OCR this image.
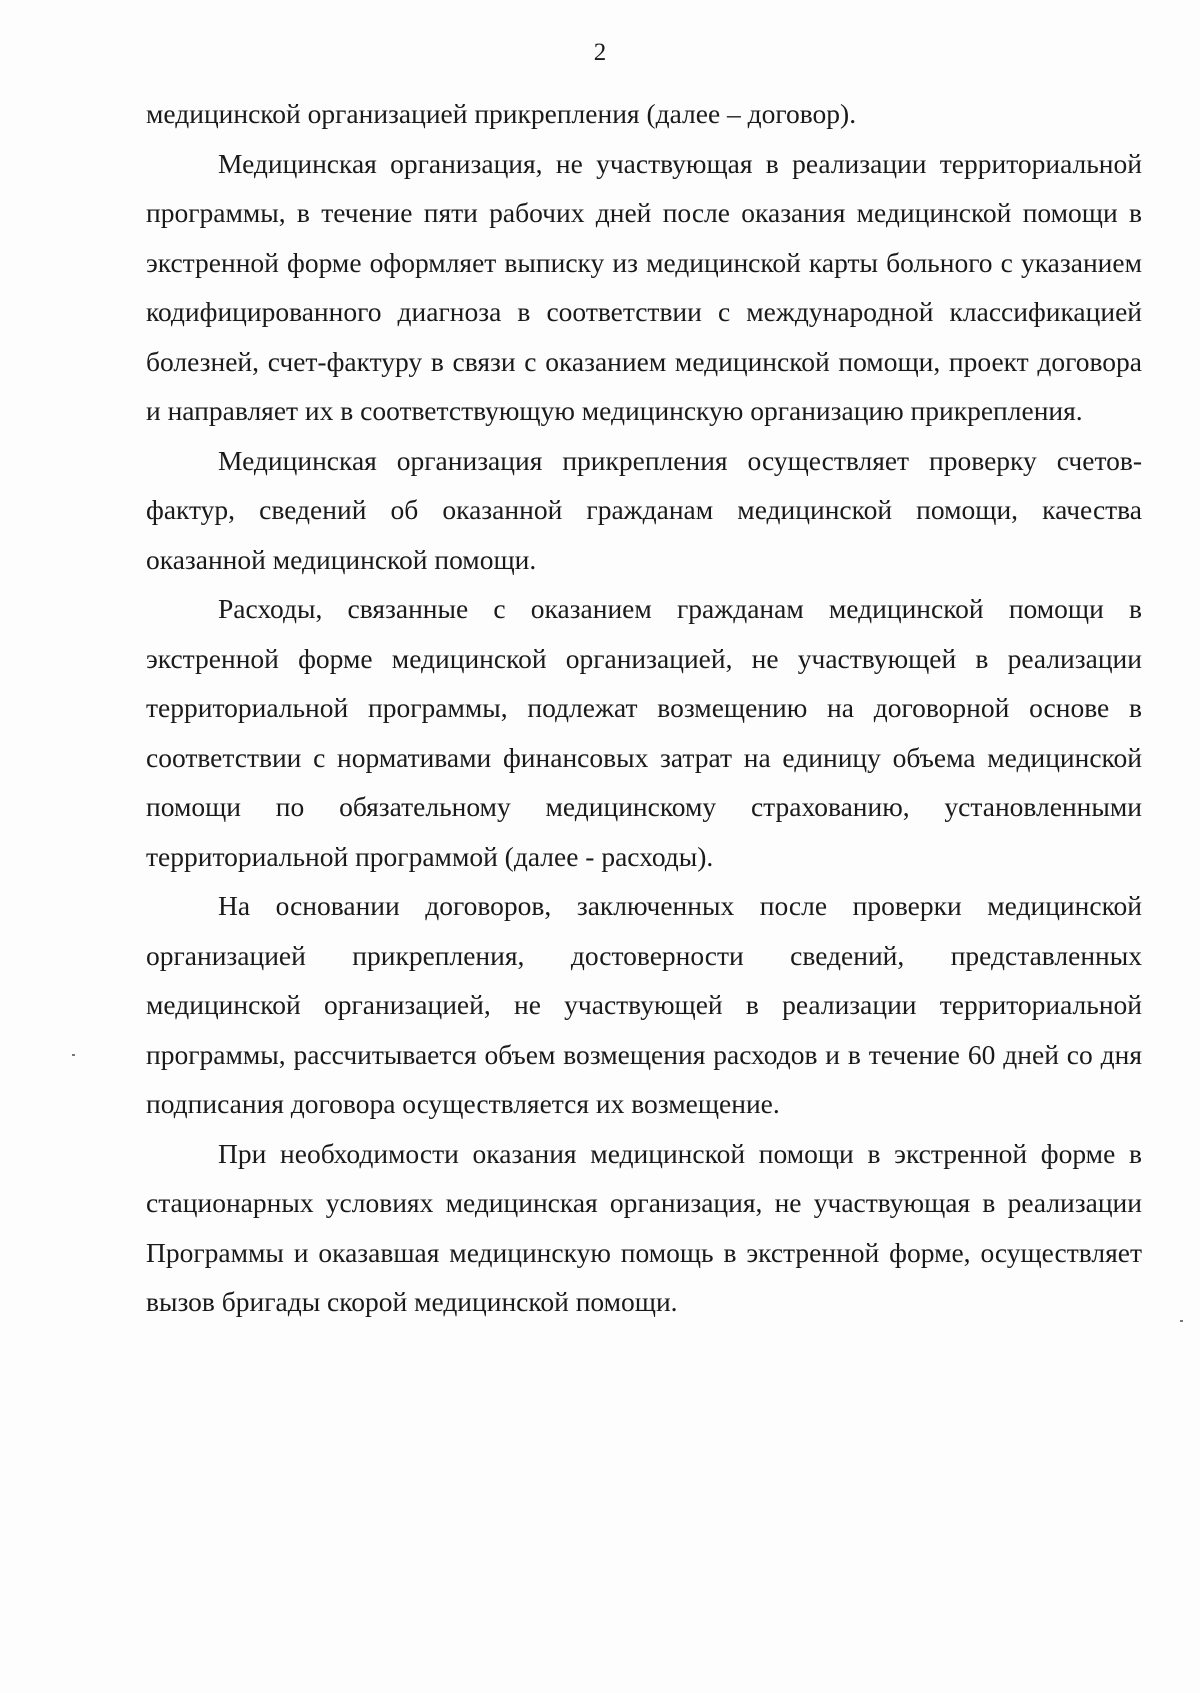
2

медицинской организацией прикрепления (далее – договор).

Медицинская организация, не участвующая в реализации территориальной программы, в течение пяти рабочих дней после оказания медицинской помощи в экстренной форме оформляет выписку из медицинской карты больного с указанием кодифицированного диагноза в соответствии с международной классификацией болезней, счет-фактуру в связи с оказанием медицинской помощи, проект договора и направляет их в соответствующую медицинскую организацию прикрепления.

Медицинская организация прикрепления осуществляет проверку счетов-фактур, сведений об оказанной гражданам медицинской помощи, качества оказанной медицинской помощи.

Расходы, связанные с оказанием гражданам медицинской помощи в экстренной форме медицинской организацией, не участвующей в реализации территориальной программы, подлежат возмещению на договорной основе в соответствии с нормативами финансовых затрат на единицу объема медицинской помощи по обязательному медицинскому страхованию, установленными территориальной программой (далее - расходы).

На основании договоров, заключенных после проверки медицинской организацией прикрепления, достоверности сведений, представленных медицинской организацией, не участвующей в реализации территориальной программы, рассчитывается объем возмещения расходов и в течение 60 дней со дня подписания договора осуществляется их возмещение.

При необходимости оказания медицинской помощи в экстренной форме в стационарных условиях медицинская организация, не участвующая в реализации Программы и оказавшая медицинскую помощь в экстренной форме, осуществляет вызов бригады скорой медицинской помощи.
